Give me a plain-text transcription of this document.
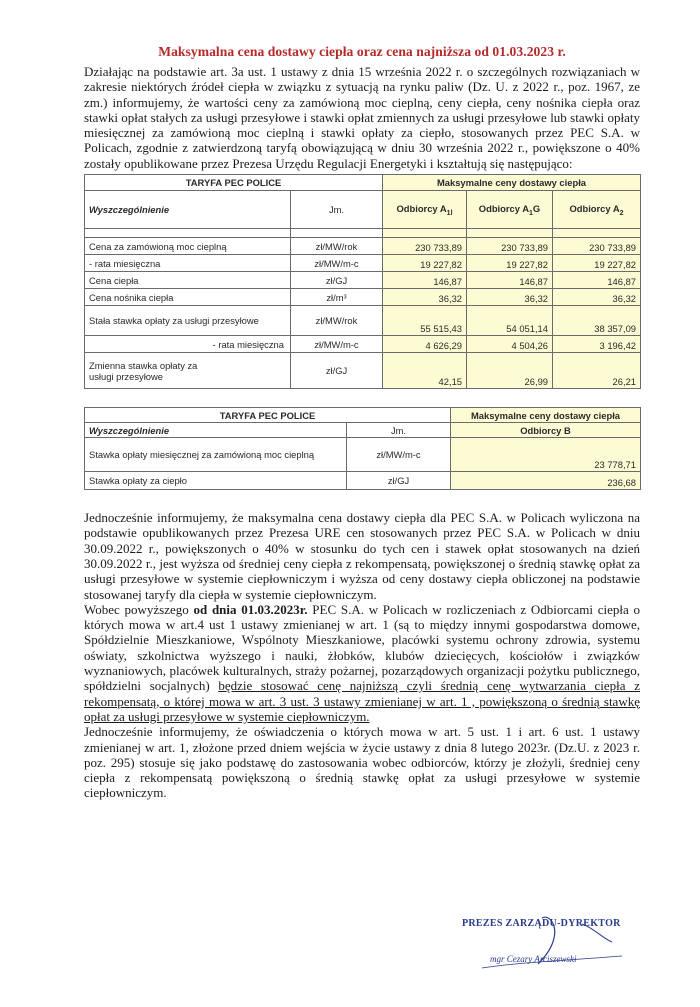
Maksymalna cena dostawy ciepła oraz cena najniższa od 01.03.2023 r.

Działając na podstawie art. 3a ust. 1 ustawy z dnia 15 września 2022 r. o szczególnych rozwiązaniach w zakresie niektórych źródeł ciepła w związku z sytuacją na rynku paliw (Dz. U. z 2022 r., poz. 1967, ze zm.) informujemy, że wartości ceny za zamówioną moc cieplną, ceny ciepła, ceny nośnika ciepła oraz stawki opłat stałych za usługi przesyłowe i stawki opłat zmiennych za usługi przesyłowe lub stawki opłaty miesięcznej za zamówioną moc cieplną i stawki opłaty za ciepło, stosowanych przez PEC S.A. w Policach, zgodnie z zatwierdzoną taryfą obowiązującą w dniu 30 września 2022 r., powiększone o 40% zostały opublikowane przez Prezesa Urzędu Regulacji Energetyki i kształtują się następująco:

TARYFA PEC POLICE		Maksymalne ceny dostawy ciepła		
Wyszczególnienie	Jm.	Odbiorcy $A_{1l}$	Odbiorcy $A_1G$	Odbiorcy $A_2$

Cena za zamówioną moc cieplną	zł/MW/rok	230 733,89	230 733,89	230 733,89
- rata miesięczna	zł/MW/m-c	19 227,82	19 227,82	19 227,82
Cena ciepła	zł/GJ	146,87	146,87	146,87
Cena nośnika ciepła	zł/m³	36,32	36,32	36,32
Stała stawka opłaty za usługi przesyłowe	zł/MW/rok	55 515,43	54 051,14	38 357,09
- rata miesięczna	zł/MW/m-c	4 626,29	4 504,26	3 196,42
Zmienna stawka opłaty za usługi przesyłowe	zł/GJ	42,15	26,99	26,21
TARYFA PEC POLICE		Maksymalne ceny dostawy ciepła
Wyszczególnienie	Jm.	Odbiorcy B
Stawka opłaty miesięcznej za zamówioną moc cieplną	zł/MW/m-c	23 778,71
Stawka opłaty za ciepło	zł/GJ	236,68

Jednocześnie informujemy, że maksymalna cena dostawy ciepła dla PEC S.A. w Policach wyliczona na podstawie opublikowanych przez Prezesa URE cen stosowanych przez PEC S.A. w Policach w dniu 30.09.2022 r., powiększonych o 40% w stosunku do tych cen i stawek opłat stosowanych na dzień 30.09.2022 r., jest wyższa od średniej ceny ciepła z rekompensatą, powiększonej o średnią stawkę opłat za usługi przesyłowe w systemie ciepłowniczym i wyższa od ceny dostawy ciepła obliczonej na podstawie stosowanej taryfy dla ciepła w systemie ciepłowniczym.

Wobec powyższego od dnia 01.03.2023r. PEC S.A. w Policach w rozliczeniach z Odbiorcami ciepła o których mowa w art.4 ust 1 ustawy zmienianej w art. 1 (są to między innymi gospodarstwa domowe, Spółdzielnie Mieszkaniowe, Wspólnoty Mieszkaniowe, placówki systemu ochrony zdrowia, systemu oświaty, szkolnictwa wyższego i nauki, żłobków, klubów dziecięcych, kościołów i związków wyznaniowych, placówek kulturalnych, straży pożarnej, pozarządowych organizacji pożytku publicznego, spółdzielni socjalnych) będzie stosować cenę najniższą czyli średnią cenę wytwarzania ciepła z rekompensatą, o której mowa w art. 3 ust. 3 ustawy zmienianej w art. 1 , powiększoną o średnią stawkę opłat za usługi przesyłowe w systemie ciepłowniczym.

Jednocześnie informujemy, że oświadczenia o których mowa w art. 5 ust. 1 i art. 6 ust. 1 ustawy zmienianej w art. 1, złożone przed dniem wejścia w życie ustawy z dnia 8 lutego 2023r. (Dz.U. z 2023 r. poz. 295) stosuje się jako podstawę do zastosowania wobec odbiorców, którzy je złożyli, średniej ceny ciepła z rekompensatą powiększoną o średnią stawkę opłat za usługi przesyłowe w systemie ciepłowniczym.

PREZES ZARZĄDU-DYREKTOR
mgr Cezary Arciszewski
